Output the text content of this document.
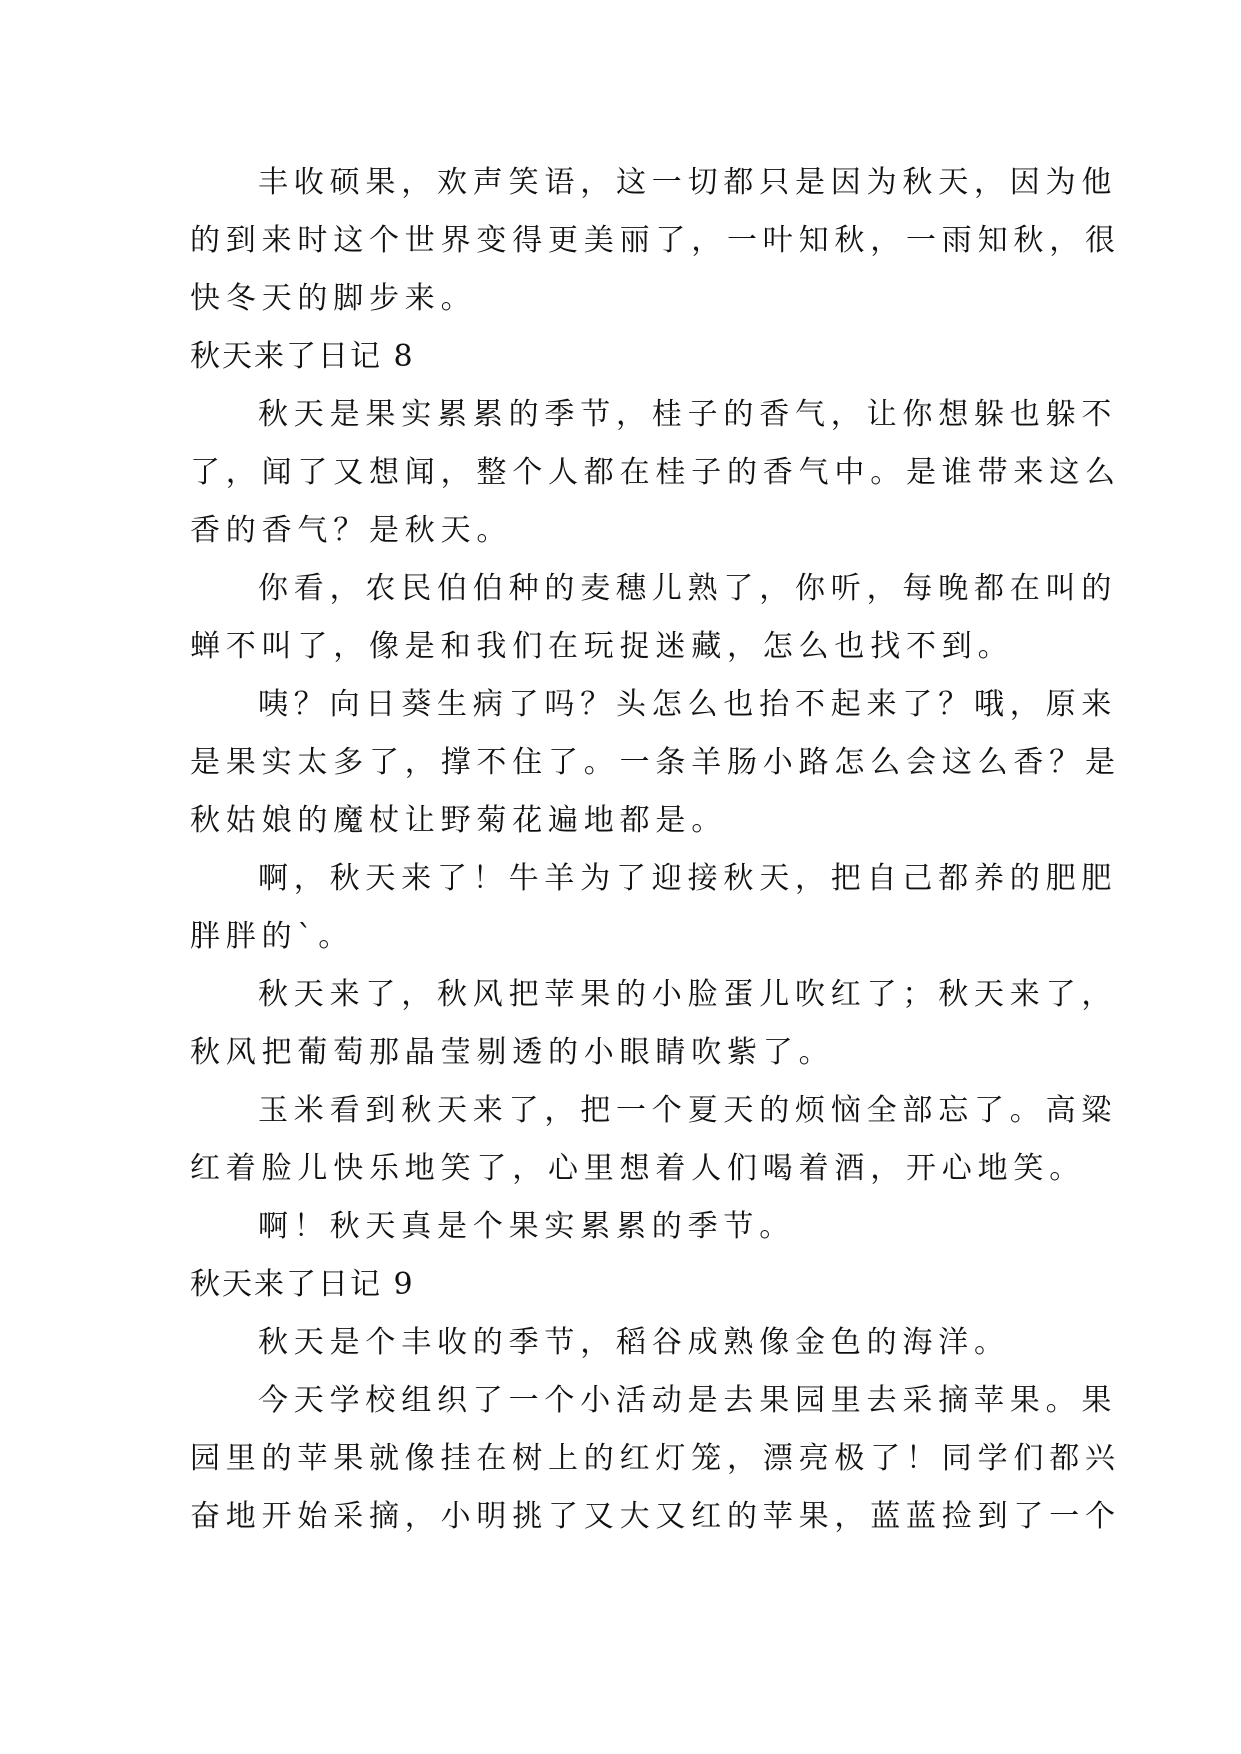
丰收硕果，欢声笑语，这一切都只是因为秋天，因为他
的到来时这个世界变得更美丽了，一叶知秋，一雨知秋，很
快冬天的脚步来。
秋天来了日记 8
秋天是果实累累的季节，桂子的香气，让你想躲也躲不
了，闻了又想闻，整个人都在桂子的香气中。是谁带来这么
香的香气？是秋天。
你看，农民伯伯种的麦穗儿熟了，你听，每晚都在叫的
蝉不叫了，像是和我们在玩捉迷藏，怎么也找不到。
咦？向日葵生病了吗？头怎么也抬不起来了？哦，原来
是果实太多了，撑不住了。一条羊肠小路怎么会这么香？是
秋姑娘的魔杖让野菊花遍地都是。
啊，秋天来了！牛羊为了迎接秋天，把自己都养的肥肥
胖胖的`。
秋天来了，秋风把苹果的小脸蛋儿吹红了；秋天来了，
秋风把葡萄那晶莹剔透的小眼睛吹紫了。
玉米看到秋天来了，把一个夏天的烦恼全部忘了。高粱
红着脸儿快乐地笑了，心里想着人们喝着酒，开心地笑。
啊！秋天真是个果实累累的季节。
秋天来了日记 9
秋天是个丰收的季节，稻谷成熟像金色的海洋。
今天学校组织了一个小活动是去果园里去采摘苹果。果
园里的苹果就像挂在树上的红灯笼，漂亮极了！同学们都兴
奋地开始采摘，小明挑了又大又红的苹果，蓝蓝捡到了一个
